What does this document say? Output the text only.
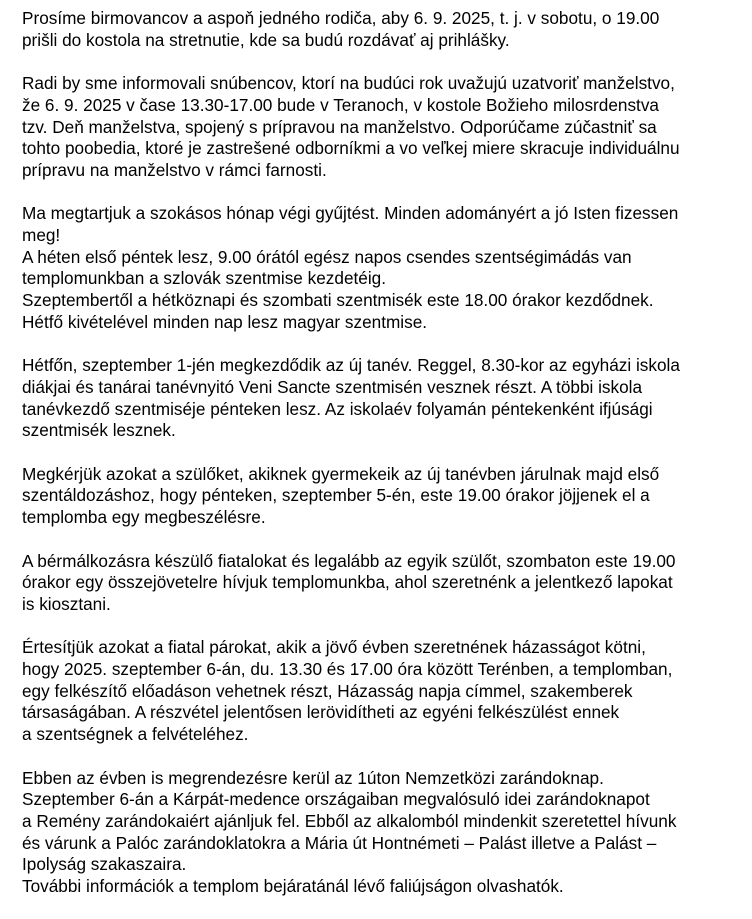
Prosíme birmovancov a aspoň jedného rodiča, aby 6. 9. 2025, t. j. v sobotu, o 19.00
prišli do kostola na stretnutie, kde sa budú rozdávať aj prihlášky.
Radi by sme informovali snúbencov, ktorí na budúci rok uvažujú uzatvoriť manželstvo,
že 6. 9. 2025 v čase 13.30-17.00 bude v Teranoch, v kostole Božieho milosrdenstva
tzv. Deň manželstva, spojený s prípravou na manželstvo. Odporúčame zúčastniť sa
tohto poobedia, ktoré je zastrešené odborníkmi a vo veľkej miere skracuje individuálnu
prípravu na manželstvo v rámci farnosti.
Ma megtartjuk a szokásos hónap végi gyűjtést. Minden adományért a jó Isten fizessen
meg!
A héten első péntek lesz, 9.00 órától egész napos csendes szentségimádás van
templomunkban a szlovák szentmise kezdetéig.
Szeptembertől a hétköznapi és szombati szentmisék este 18.00 órakor kezdődnek.
Hétfő kivételével minden nap lesz magyar szentmise.
Hétfőn, szeptember 1-jén megkezdődik az új tanév. Reggel, 8.30-kor az egyházi iskola
diákjai és tanárai tanévnyitó Veni Sancte szentmisén vesznek részt. A többi iskola
tanévkezdő szentmiséje pénteken lesz. Az iskolaév folyamán péntekenként ifjúsági
szentmisék lesznek.
Megkérjük azokat a szülőket, akiknek gyermekeik az új tanévben járulnak majd első
szentáldozáshoz, hogy pénteken, szeptember 5-én, este 19.00 órakor jöjjenek el a
templomba egy megbeszélésre.
A bérmálkozásra készülő fiatalokat és legalább az egyik szülőt, szombaton este 19.00
órakor egy összejövetelre hívjuk templomunkba, ahol szeretnénk a jelentkező lapokat
is kiosztani.
Értesítjük azokat a fiatal párokat, akik a jövő évben szeretnének házasságot kötni,
hogy 2025. szeptember 6-án, du. 13.30 és 17.00 óra között Terénben, a templomban,
egy felkészítő előadáson vehetnek részt, Házasság napja címmel, szakemberek
társaságában. A részvétel jelentősen lerövidítheti az egyéni felkészülést ennek
a szentségnek a felvételéhez.
Ebben az évben is megrendezésre kerül az 1úton Nemzetközi zarándoknap.
Szeptember 6-án a Kárpát-medence országaiban megvalósuló idei zarándoknapot
a Remény zarándokaiért ajánljuk fel. Ebből az alkalomból mindenkit szeretettel hívunk
és várunk a Palóc zarándoklatokra a Mária út Hontnémeti – Palást illetve a Palást –
Ipolyság szakaszaira.
További információk a templom bejáratánál lévő faliújságon olvashatók.
